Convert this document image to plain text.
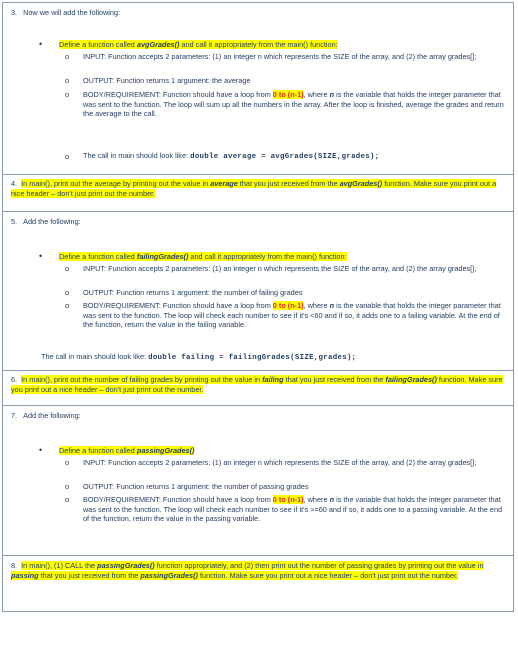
3. Now we will add the following:
• Define a function called avgGrades() and call it appropriately from the main() function:
o INPUT: Function accepts 2 parameters: (1) an integer n which represents the SIZE of the array, and (2) the array grades[];
o OUTPUT: Function returns 1 argument: the average
o BODY/REQUIREMENT: Function should have a loop from 0 to (n-1), where n is the variable that holds the integer parameter that was sent to the function. The loop will sum up all the numbers in the array. After the loop is finished, average the grades and return the average to the call.
o The call in main should look like: double average = avgGrades(SIZE,grades);
4. In main(), print out the average by printing out the value in average that you just received from the avgGrades() function. Make sure you print out a nice header – don't just print out the number.
5. Add the following:
• Define a function called failingGrades() and call it appropriately from the main() function:
o INPUT: Function accepts 2 parameters: (1) an integer n which represents the SIZE of the array, and (2) the array grades[];
o OUTPUT: Function returns 1 argument: the number of failing grades
o BODY/REQUIREMENT: Function should have a loop from 0 to (n-1), where n is the variable that holds the integer parameter that was sent to the function. The loop will check each number to see if it's <60 and if so, it adds one to a failing variable. At the end of the function, return the value in the failing variable.
The call in main should look like: double failing = failingGrades(SIZE,grades);
6. In main(), print out the number of failing grades by printing out the value in failing that you just received from the failingGrades() function. Make sure you print out a nice header – don't just print out the number.
7. Add the following:
• Define a function called passingGrades()
o INPUT: Function accepts 2 parameters: (1) an integer n which represents the SIZE of the array, and (2) the array grades[];
o OUTPUT: Function returns 1 argument: the number of passing grades
o BODY/REQUIREMENT: Function should have a loop from 0 to (n-1), where n is the variable that holds the integer parameter that was sent to the function. The loop will check each number to see if it's >=60 and if so, it adds one to a passing variable. At the end of the function, return the value in the passing variable.
8. In main(), (1) CALL the passingGrades() function appropriately, and (2) then print out the number of passing grades by printing out the value in passing that you just received from the passingGrades() function. Make sure you print out a nice header – don't just print out the number.
